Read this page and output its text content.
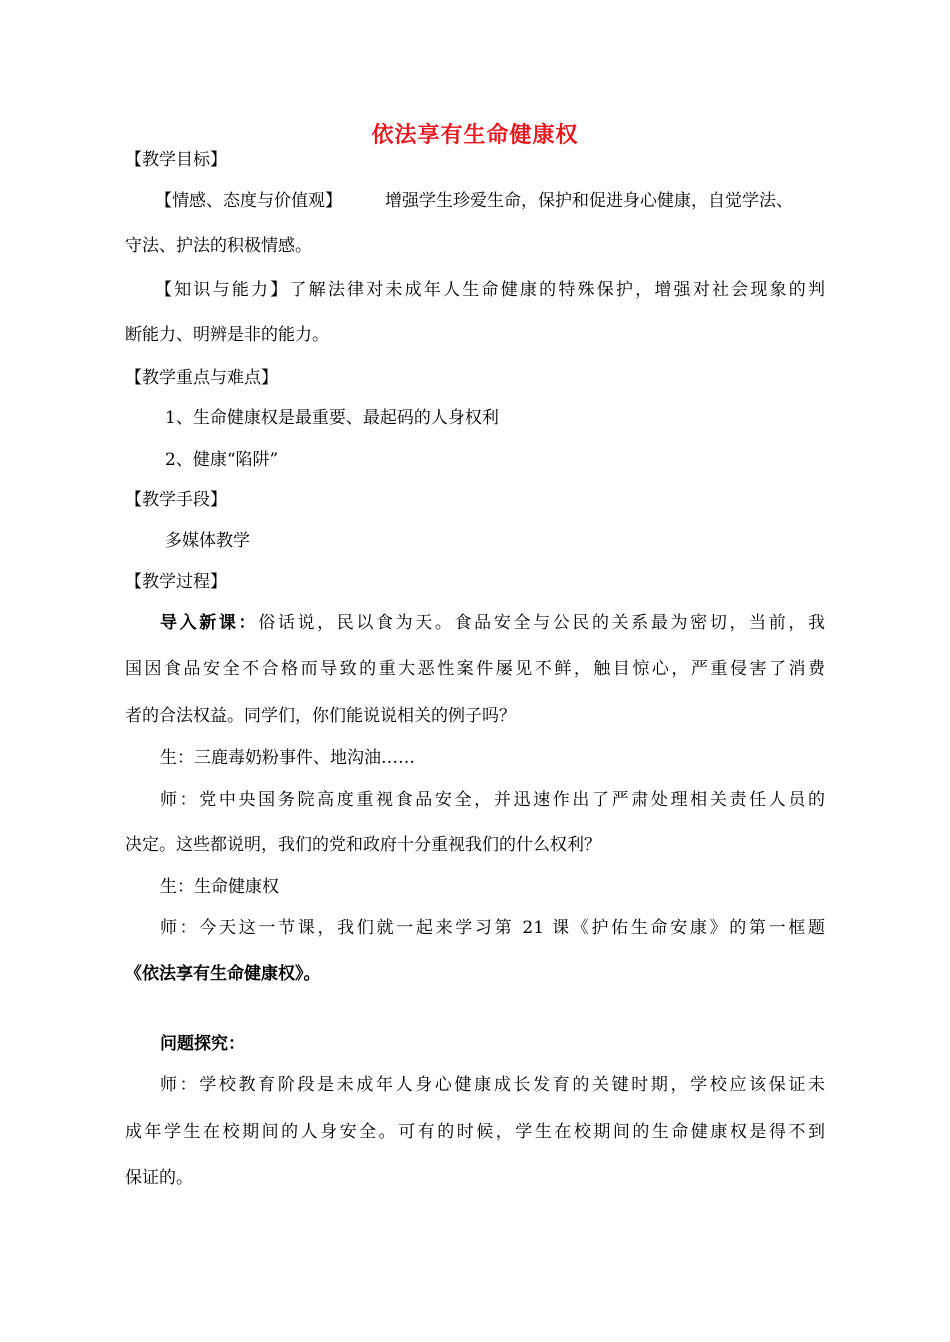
依法享有生命健康权
【教学目标】
【情感、态度与价值观】	增强学生珍爱生命，保护和促进身心健康，自觉学法、
守法、护法的积极情感。
【知识与能力】了解法律对未成年人生命健康的特殊保护，增强对社会现象的判
断能力、明辨是非的能力。
【教学重点与难点】
1、生命健康权是最重要、最起码的人身权利
2、健康“陷阱”
【教学手段】
多媒体教学
【教学过程】
导入新课：俗话说，民以食为天。食品安全与公民的关系最为密切，当前，我
国因食品安全不合格而导致的重大恶性案件屡见不鲜，触目惊心，严重侵害了消费
者的合法权益。同学们，你们能说说相关的例子吗？
生：三鹿毒奶粉事件、地沟油……
师：党中央国务院高度重视食品安全，并迅速作出了严肃处理相关责任人员的
决定。这些都说明，我们的党和政府十分重视我们的什么权利？
生：生命健康权
师：今天这一节课，我们就一起来学习第 21 课《护佑生命安康》的第一框题
《依法享有生命健康权》。
问题探究：
师：学校教育阶段是未成年人身心健康成长发育的关键时期，学校应该保证未
成年学生在校期间的人身安全。可有的时候，学生在校期间的生命健康权是得不到
保证的。
